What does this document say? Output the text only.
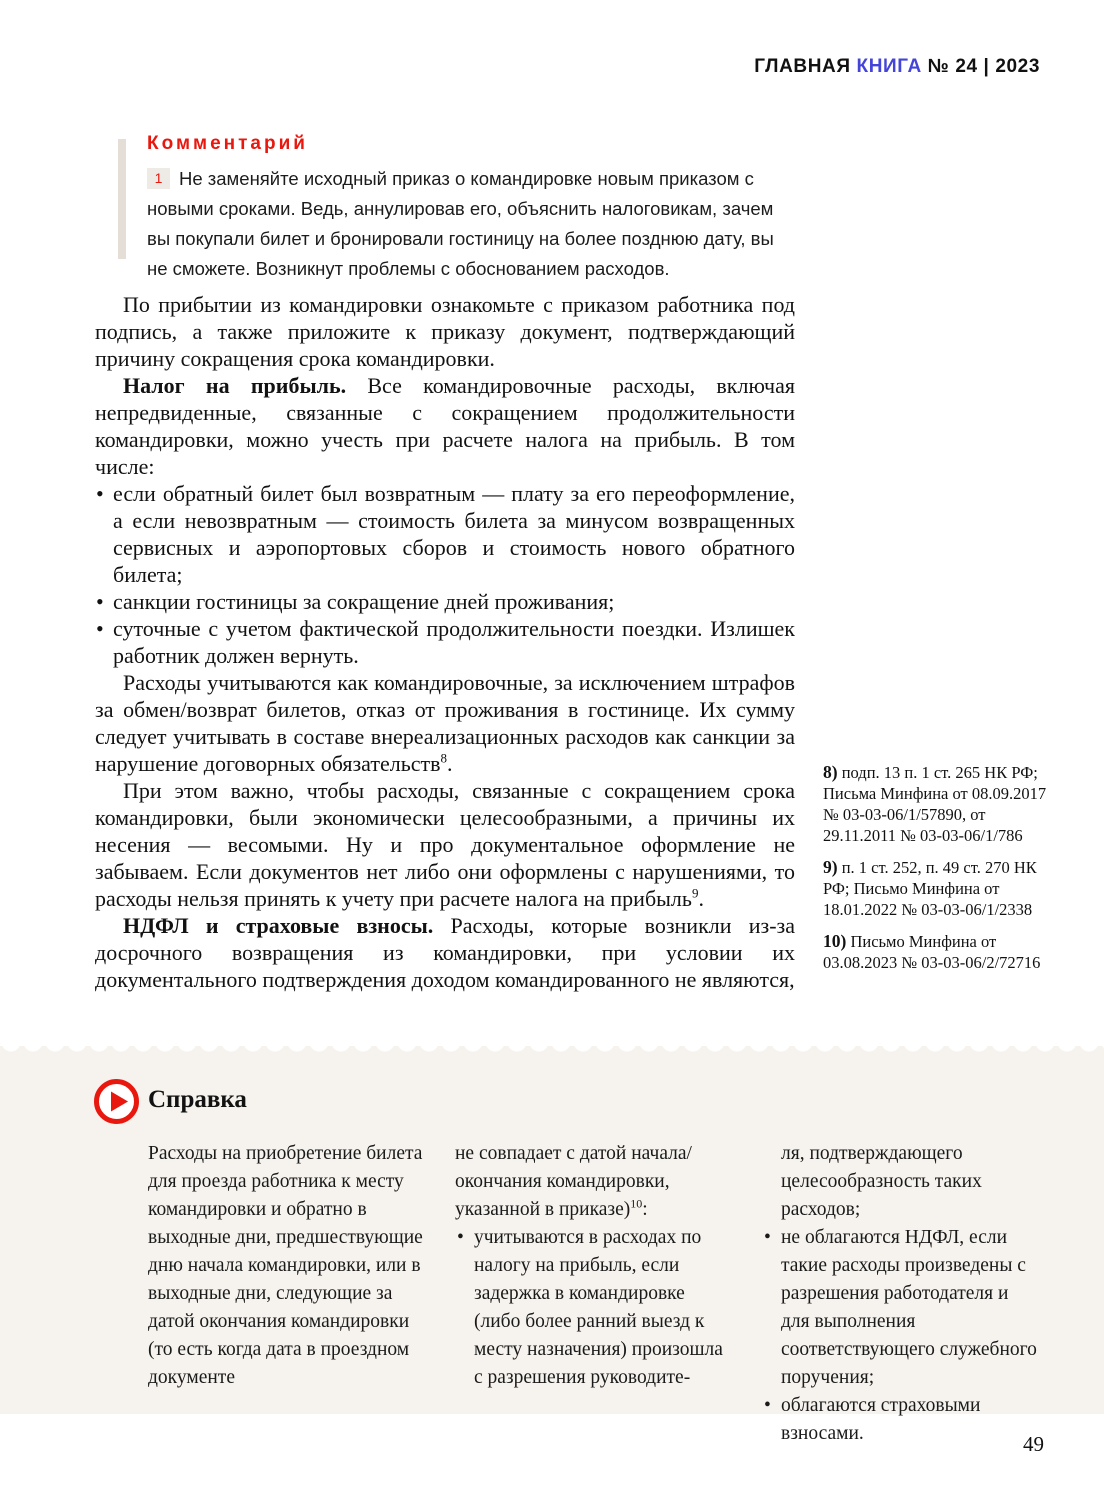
ГЛАВНАЯ КНИГА № 24 | 2023

Комментарий

1 Не заменяйте исходный приказ о командировке новым приказом с новыми сроками. Ведь, аннулировав его, объяснить налоговикам, зачем вы покупали билет и бронировали гостиницу на более позднюю дату, вы не сможете. Возникнут проблемы с обоснованием расходов.

По прибытии из командировки ознакомьте с приказом работника под подпись, а также приложите к приказу документ, подтверждающий причину сокращения срока командировки.

Налог на прибыль. Все командировочные расходы, включая непредвиденные, связанные с сокращением продолжительности командировки, можно учесть при расчете налога на прибыль. В том числе:

• если обратный билет был возвратным — плату за его переоформление, а если невозвратным — стоимость билета за минусом возвращенных сервисных и аэропортовых сборов и стоимость нового обратного билета;
• санкции гостиницы за сокращение дней проживания;
• суточные с учетом фактической продолжительности поездки. Излишек работник должен вернуть.

Расходы учитываются как командировочные, за исключением штрафов за обмен/возврат билетов, отказ от проживания в гостинице. Их сумму следует учитывать в составе внереализационных расходов как санкции за нарушение договорных обязательств$^8$.

При этом важно, чтобы расходы, связанные с сокращением срока командировки, были экономически целесообразными, а причины их несения — весомыми. Ну и про документальное оформление не забываем. Если документов нет либо они оформлены с нарушениями, то расходы нельзя принять к учету при расчете налога на прибыль$^9$.

НДФЛ и страховые взносы. Расходы, которые возникли из-за досрочного возвращения из командировки, при условии их документального подтверждения доходом командированного не являются,

8) подп. 13 п. 1 ст. 265 НК РФ; Письма Минфина от 08.09.2017 № 03-03-06/1/57890, от 29.11.2011 № 03-03-06/1/786

9) п. 1 ст. 252, п. 49 ст. 270 НК РФ; Письмо Минфина от 18.01.2022 № 03-03-06/1/2338

10) Письмо Минфина от 03.08.2023 № 03-03-06/2/72716

Справка

Расходы на приобретение билета для проезда работника к месту командировки и обратно в выходные дни, предшествующие дню начала командировки, или в выходные дни, следующие за датой окончания командировки (то есть когда дата в проездном документе

не совпадает с датой начала/окончания командировки, указанной в приказе)$^{10}$:

• учитываются в расходах по налогу на прибыль, если задержка в командировке (либо более ранний выезд к месту назначения) произошла с разрешения руководите-

ля, подтверждающего целесообразность таких расходов;

• не облагаются НДФЛ, если такие расходы произведены с разрешения работодателя и для выполнения соответствующего служебного поручения;
• облагаются страховыми взносами.	49
